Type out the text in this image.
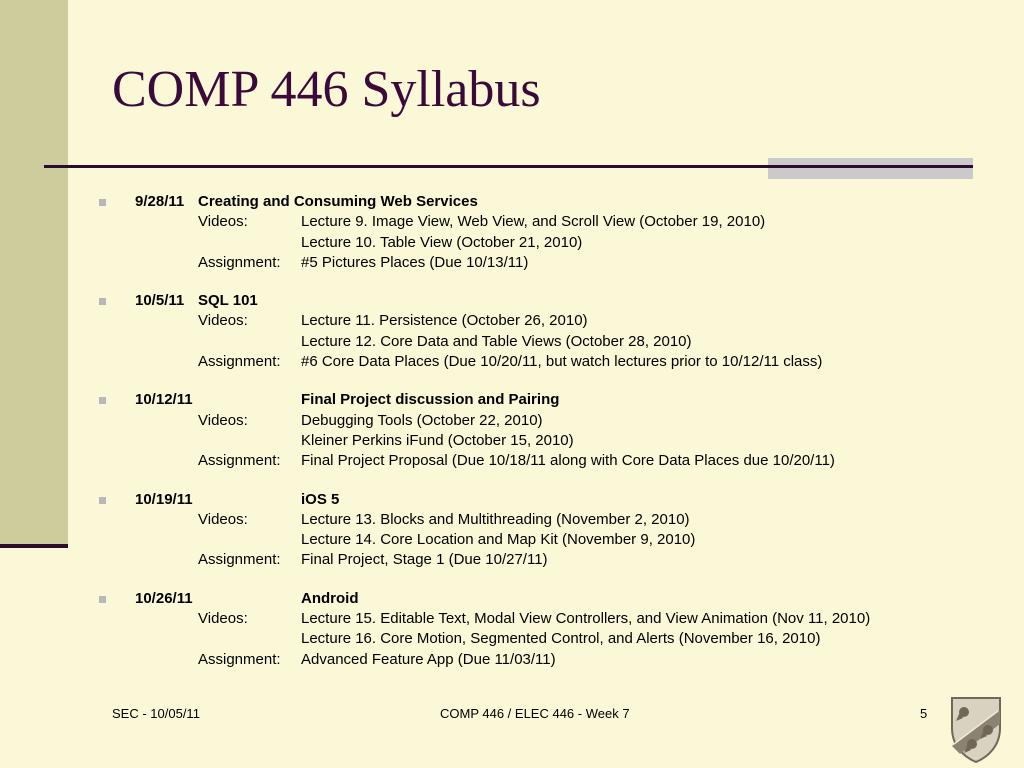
COMP 446 Syllabus
9/28/11 Creating and Consuming Web Services
Videos:	Lecture 9. Image View, Web View, and Scroll View (October 19, 2010)
Lecture 10. Table View (October 21, 2010)
Assignment: #5 Pictures Places (Due 10/13/11)
10/5/11 SQL 101
Videos:	Lecture 11. Persistence (October 26, 2010)
Lecture 12. Core Data and Table Views (October 28, 2010)
Assignment: #6 Core Data Places (Due 10/20/11, but watch lectures prior to 10/12/11 class)
10/12/11	Final Project discussion and Pairing
Videos:	Debugging Tools (October 22, 2010)
Kleiner Perkins iFund (October 15, 2010)
Assignment: Final Project Proposal (Due 10/18/11 along with Core Data Places due 10/20/11)
10/19/11	iOS 5
Videos:	Lecture 13. Blocks and Multithreading (November 2, 2010)
Lecture 14. Core Location and Map Kit (November 9, 2010)
Assignment: Final Project, Stage 1 (Due 10/27/11)
10/26/11	Android
Videos:	Lecture 15. Editable Text, Modal View Controllers, and View Animation (Nov 11, 2010)
Lecture 16. Core Motion, Segmented Control, and Alerts (November 16, 2010)
Assignment: Advanced Feature App (Due 11/03/11)
SEC - 10/05/11	COMP 446 / ELEC 446 - Week 7	5
